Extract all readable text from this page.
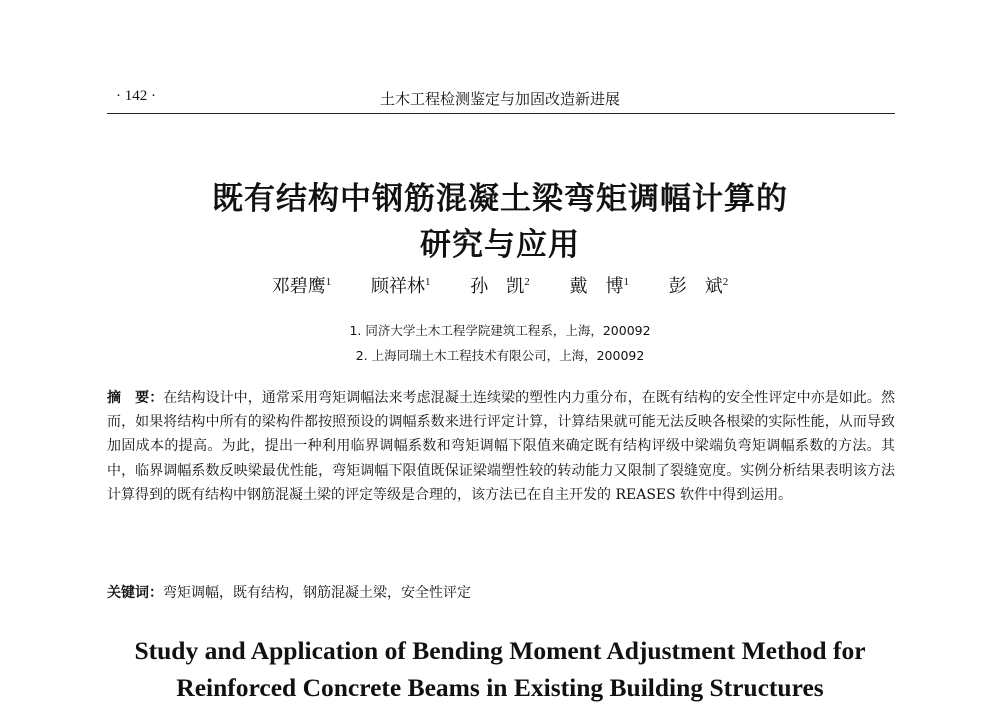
· 142 ·	土木工程检测鉴定与加固改造新进展
既有结构中钢筋混凝土梁弯矩调幅计算的
研究与应用
邓碧鹰$^1$ 顾祥林$^1$ 孙　凯$^2$ 戴　博$^1$ 彭　斌$^2$
1. 同济大学土木工程学院建筑工程系，上海，200092
2. 上海同瑞土木工程技术有限公司，上海，200092
摘　要：在结构设计中，通常采用弯矩调幅法来考虑混凝土连续梁的塑性内力重分布，在既有结构的安全性评定中亦是如此。然而，如果将结构中所有的梁构件都按照预设的调幅系数来进行评定计算，计算结果就可能无法反映各根梁的实际性能，从而导致加固成本的提高。为此，提出一种利用临界调幅系数和弯矩调幅下限值来确定既有结构评级中梁端负弯矩调幅系数的方法。其中，临界调幅系数反映梁最优性能，弯矩调幅下限值既保证梁端塑性较的转动能力又限制了裂缝宽度。实例分析结果表明该方法计算得到的既有结构中钢筋混凝土梁的评定等级是合理的，该方法已在自主开发的 REASES 软件中得到运用。
关键词：弯矩调幅，既有结构，钢筋混凝土梁，安全性评定
Study and Application of Bending Moment Adjustment Method for
Reinforced Concrete Beams in Existing Building Structures
